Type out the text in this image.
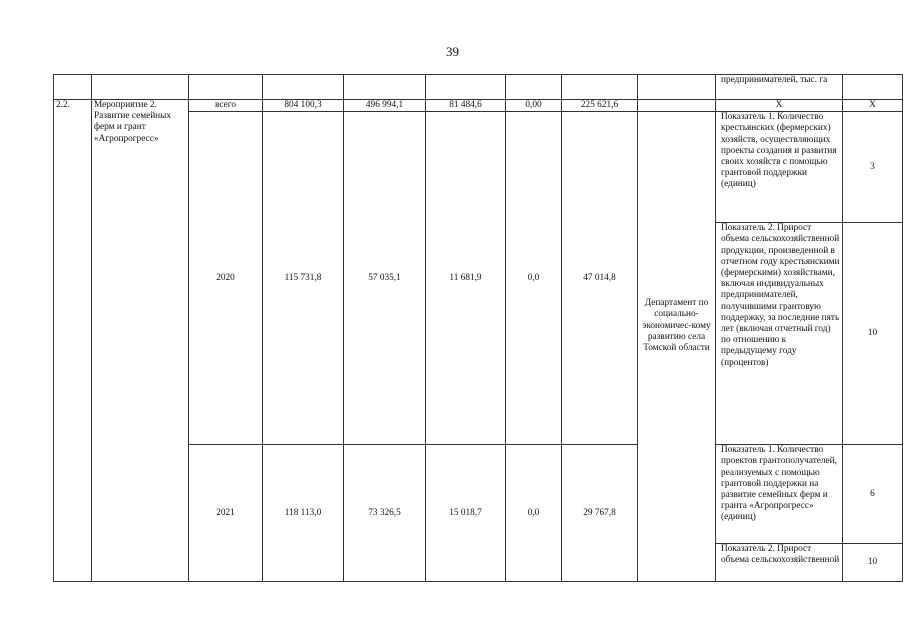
39
									предпринимателей, тыс. га	
2.2.	Мероприятие 2. Развитие семейных ферм и грант «Агропрогресс»	всего	804 100,3	496 994,1	81 484,6	0,00	225 621,6		Х	Х
		2020	115 731,8	57 035,1	11 681,9	0,0	47 014,8	Департамент по социально-экономичес-кому развитию села Томской области	Показатель 1. Количество крестьянских (фермерских) хозяйств, осуществляющих проекты создания и развития своих хозяйств с помощью грантовой поддержки (единиц)	3
									Показатель 2. Прирост объема сельскохозяйственной продукции, произведенной в отчетном году крестьянскими (фермерскими) хозяйствами, включая индивидуальных предпринимателей, получившими грантовую поддержку, за последние пять лет (включая отчетный год) по отношению к предыдущему году (процентов)	10
		2021	118 113,0	73 326,5	15 018,7	0,0	29 767,8		Показатель 1. Количество проектов грантополучателей, реализуемых с помощью грантовой поддержки на развитие семейных ферм и гранта «Агропрогресс» (единиц)	6
									Показатель 2. Прирост объема сельскохозяйственной	10
